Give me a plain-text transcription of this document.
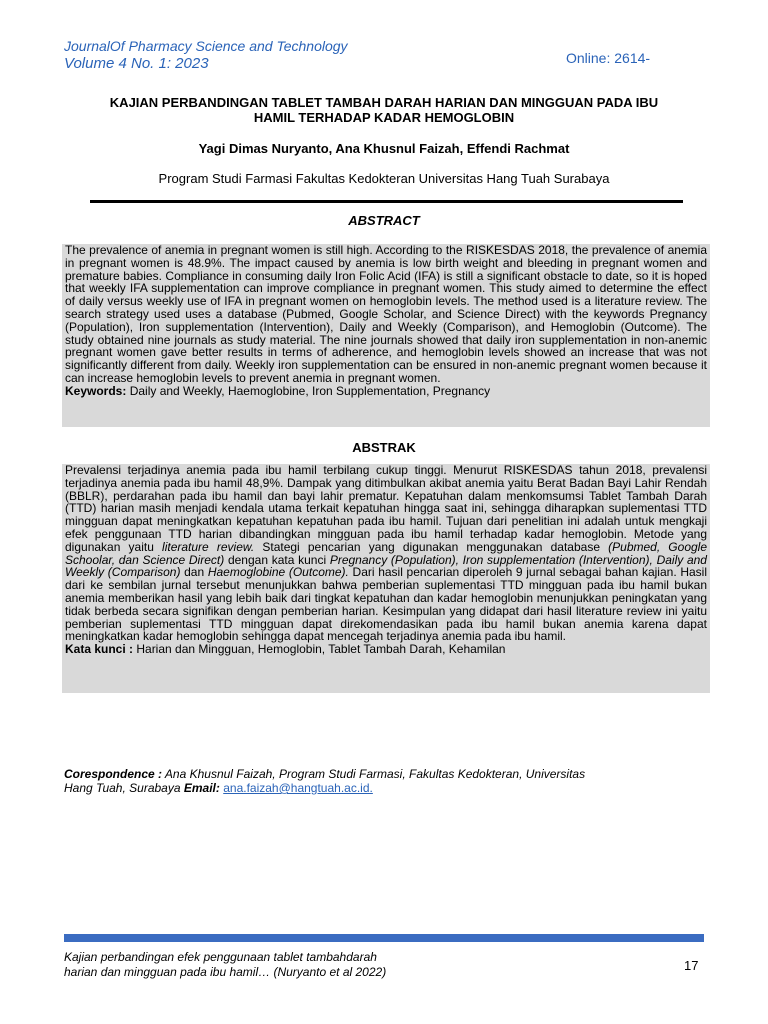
JournalOf Pharmacy Science and Technology
Volume 4 No. 1: 2023	Online: 2614-
KAJIAN PERBANDINGAN TABLET TAMBAH DARAH HARIAN DAN MINGGUAN PADA IBU
HAMIL TERHADAP KADAR HEMOGLOBIN
Yagi Dimas Nuryanto, Ana Khusnul Faizah, Effendi Rachmat
Program Studi Farmasi Fakultas Kedokteran Universitas Hang Tuah Surabaya
ABSTRACT
The prevalence of anemia in pregnant women is still high. According to the RISKESDAS 2018, the prevalence of anemia in pregnant women is 48.9%. The impact caused by anemia is low birth weight and bleeding in pregnant women and premature babies. Compliance in consuming daily Iron Folic Acid (IFA) is still a significant obstacle to date, so it is hoped that weekly IFA supplementation can improve compliance in pregnant women. This study aimed to determine the effect of daily versus weekly use of IFA in pregnant women on hemoglobin levels. The method used is a literature review. The search strategy used uses a database (Pubmed, Google Scholar, and Science Direct) with the keywords Pregnancy (Population), Iron supplementation (Intervention), Daily and Weekly (Comparison), and Hemoglobin (Outcome). The study obtained nine journals as study material. The nine journals showed that daily iron supplementation in non-anemic pregnant women gave better results in terms of adherence, and hemoglobin levels showed an increase that was not significantly different from daily. Weekly iron supplementation can be ensured in non-anemic pregnant women because it can increase hemoglobin levels to prevent anemia in pregnant women.
Keywords: Daily and Weekly, Haemoglobine, Iron Supplementation, Pregnancy
ABSTRAK
Prevalensi terjadinya anemia pada ibu hamil terbilang cukup tinggi. Menurut RISKESDAS tahun 2018, prevalensi terjadinya anemia pada ibu hamil 48,9%. Dampak yang ditimbulkan akibat anemia yaitu Berat Badan Bayi Lahir Rendah (BBLR), perdarahan pada ibu hamil dan bayi lahir prematur. Kepatuhan dalam menkomsumsi Tablet Tambah Darah (TTD) harian masih menjadi kendala utama terkait kepatuhan hingga saat ini, sehingga diharapkan suplementasi TTD mingguan dapat meningkatkan kepatuhan kepatuhan pada ibu hamil. Tujuan dari penelitian ini adalah untuk mengkaji efek penggunaan TTD harian dibandingkan mingguan pada ibu hamil terhadap kadar hemoglobin. Metode yang digunakan yaitu literature review. Stategi pencarian yang digunakan menggunakan database (Pubmed, Google Schoolar, dan Science Direct) dengan kata kunci Pregnancy (Population), Iron supplementation (Intervention), Daily and Weekly (Comparison) dan Haemoglobine (Outcome). Dari hasil pencarian diperoleh 9 jurnal sebagai bahan kajian. Hasil dari ke sembilan jurnal tersebut menunjukkan bahwa pemberian suplementasi TTD mingguan pada ibu hamil bukan anemia memberikan hasil yang lebih baik dari tingkat kepatuhan dan kadar hemoglobin menunjukkan peningkatan yang tidak berbeda secara signifikan dengan pemberian harian. Kesimpulan yang didapat dari hasil literature review ini yaitu pemberian suplementasi TTD mingguan dapat direkomendasikan pada ibu hamil bukan anemia karena dapat meningkatkan kadar hemoglobin sehingga dapat mencegah terjadinya anemia pada ibu hamil.
Kata kunci : Harian dan Mingguan, Hemoglobin, Tablet Tambah Darah, Kehamilan
Corespondence : Ana Khusnul Faizah, Program Studi Farmasi, Fakultas Kedokteran, Universitas
Hang Tuah, Surabaya Email: ana.faizah@hangtuah.ac.id.
Kajian perbandingan efek penggunaan tablet tambahdarah
harian dan mingguan pada ibu hamil… (Nuryanto et al 2022)	17
